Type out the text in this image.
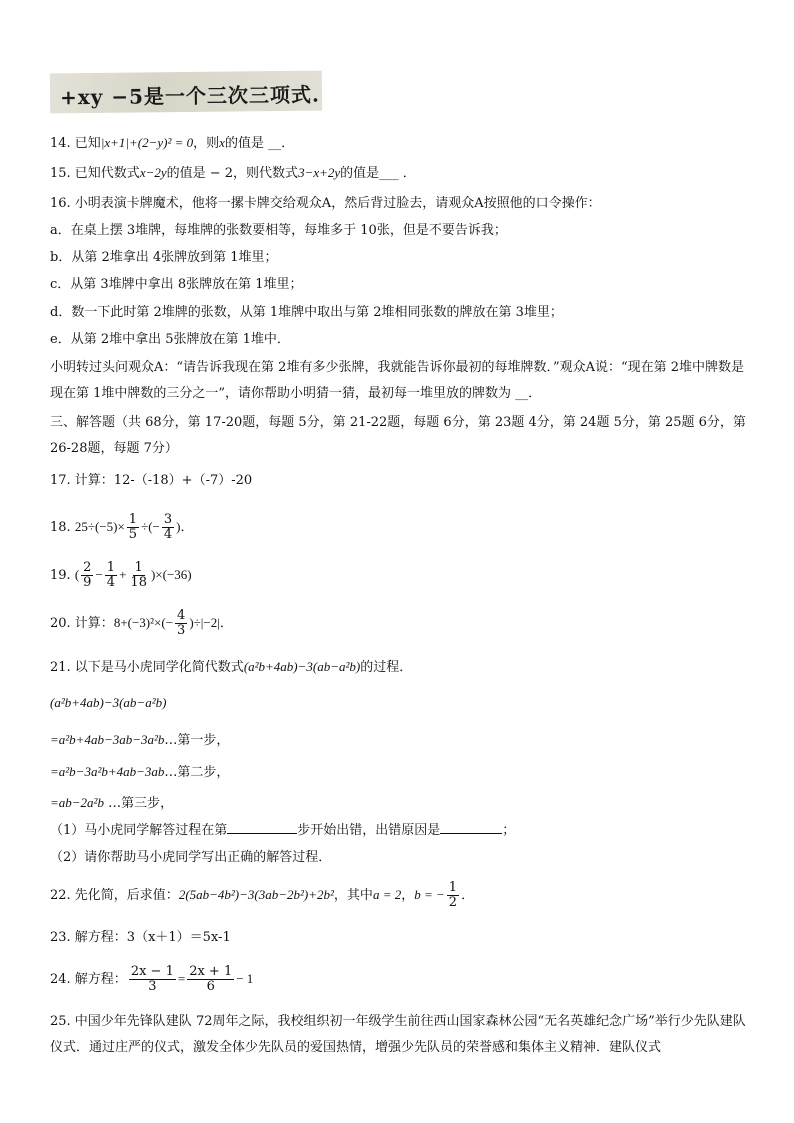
+xy −5是一个三次三项式.
14. 已知|x+1|+(2−y)² = 0，则x的值是 __．
15. 已知代数式x−2y的值是 − 2，则代数式3−x+2y的值是___ ．
16. 小明表演卡牌魔术，他将一摞卡牌交给观众A，然后背过脸去，请观众A按照他的口令操作：
a．在桌上摆 3堆牌，每堆牌的张数要相等，每堆多于 10张，但是不要告诉我；
b．从第 2堆拿出 4张牌放到第 1堆里；
c．从第 3堆牌中拿出 8张牌放在第 1堆里；
d．数一下此时第 2堆牌的张数，从第 1堆牌中取出与第 2堆相同张数的牌放在第 3堆里；
e．从第 2堆中拿出 5张牌放在第 1堆中．
小明转过头问观众A：“请告诉我现在第 2堆有多少张牌，我就能告诉你最初的每堆牌数．”观众A说：“现在第 2堆中牌数是现在第 1堆中牌数的三分之一”，请你帮助小明猜一猜，最初每一堆里放的牌数为 __．
三、解答题（共 68分，第 17-20题，每题 5分，第 21-22题，每题 6分，第 23题 4分，第 24题 5分，第 25题 6分，第 26-28题，每题 7分）
17. 计算：12-（-18）+（-7）-20
18. $25\div(-5)\times \frac{1}{5}$ ÷(− $\frac{3}{4}$ )．
19. ( $\frac{2}{9} - \frac{1}{4} + \frac{1}{18} )\times(-36)$
20. 计算：$8+(-3)^2\times(- \frac{4}{3} )\div|-2|$．
21. 以下是马小虎同学化简代数式(a²b+4ab)−3(ab−a²b)的过程．
(a²b+4ab)−3(ab−a²b)
=a²b+4ab−3ab−3a²b…第一步，
=a²b−3a²b+4ab−3ab…第二步，
=ab−2a²b …第三步，
（1）马小虎同学解答过程在第	步开始出错，出错原因是	；
（2）请你帮助马小虎同学写出正确的解答过程．
22. 先化简，后求值：2(5ab−4b²)−3(3ab−2b²)+2b²，其中a = 2，b = − $\frac{1}{2}$ ．
23. 解方程：3（x＋1）＝5x-1
24. 解方程： $\frac{2x - 1}{3} = \frac{2x + 1}{6} - 1$
25. 中国少年先锋队建队 72周年之际，我校组织初一年级学生前往西山国家森林公园“无名英雄纪念广场”举行少先队建队仪式．通过庄严的仪式，激发全体少先队员的爱国热情，增强少先队员的荣誉感和集体主义精神．建队仪式
